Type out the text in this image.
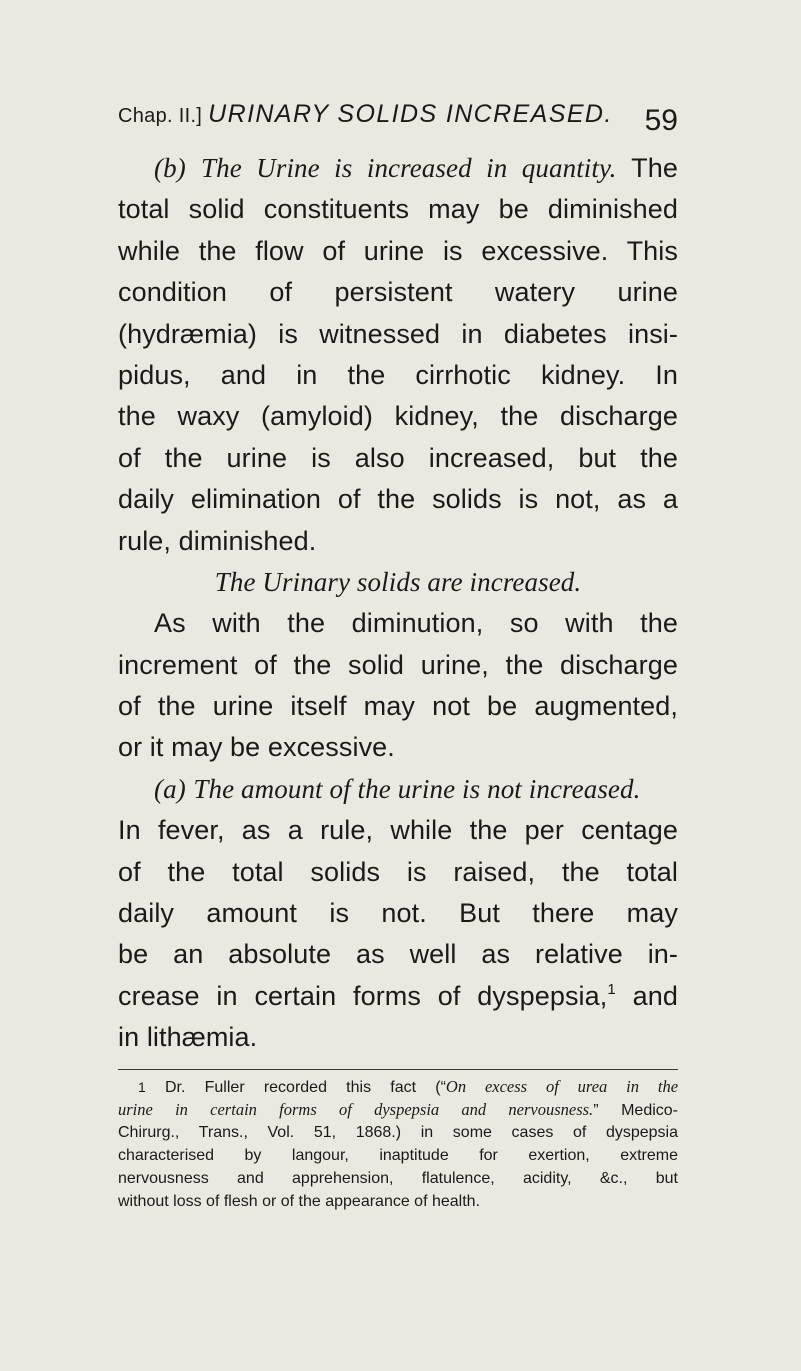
Chap. II.] URINARY SOLIDS INCREASED. 59
(b) The Urine is increased in quantity. The
total solid constituents may be diminished
while the flow of urine is excessive. This
condition of persistent watery urine
(hydræmia) is witnessed in diabetes insi-
pidus, and in the cirrhotic kidney. In
the waxy (amyloid) kidney, the discharge
of the urine is also increased, but the
daily elimination of the solids is not, as a
rule, diminished.
The Urinary solids are increased.
As with the diminution, so with the
increment of the solid urine, the discharge
of the urine itself may not be augmented,
or it may be excessive.
(a) The amount of the urine is not increased.
In fever, as a rule, while the per centage
of the total solids is raised, the total
daily amount is not. But there may
be an absolute as well as relative in-
crease in certain forms of dyspepsia,$^1$ and
in lithæmia.
1 Dr. Fuller recorded this fact (“On excess of urea in the
urine in certain forms of dyspepsia and nervousness.” Medico-
Chirurg., Trans., Vol. 51, 1868.) in some cases of dyspepsia
characterised by langour, inaptitude for exertion, extreme
nervousness and apprehension, flatulence, acidity, &c., but
without loss of flesh or of the appearance of health.
